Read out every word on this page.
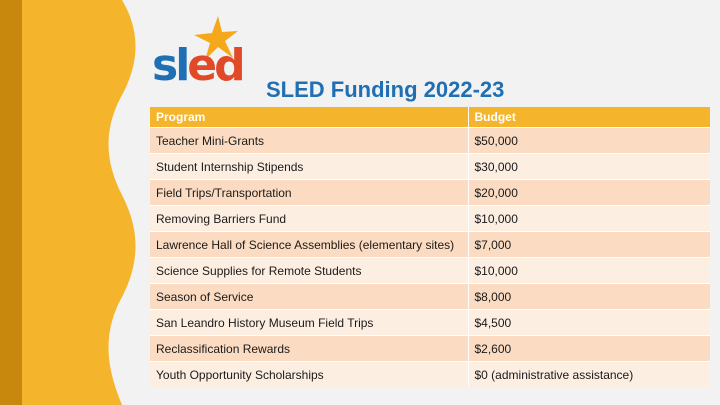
sled SLED Funding 2022-23
Program	Budget
Teacher Mini-Grants	$50,000
Student Internship Stipends	$30,000
Field Trips/Transportation	$20,000
Removing Barriers Fund	$10,000
Lawrence Hall of Science Assemblies (elementary sites)	$7,000
Science Supplies for Remote Students	$10,000
Season of Service	$8,000
San Leandro History Museum Field Trips	$4,500
Reclassification Rewards	$2,600
Youth Opportunity Scholarships	$0 (administrative assistance)
